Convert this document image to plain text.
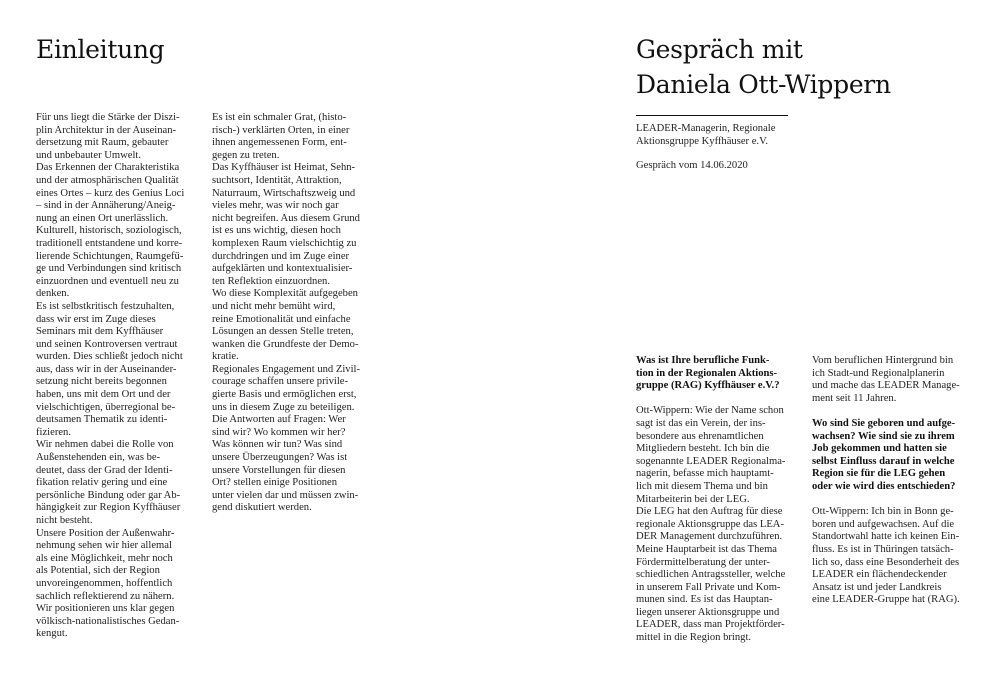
Einleitung

Für uns liegt die Stärke der Diszi-

plin Architektur in der Auseinan-

dersetzung mit Raum, gebauter

und unbebauter Umwelt.

Das Erkennen der Charakteristika

und der atmosphärischen Qualität

eines Ortes – kurz des Genius Loci

– sind in der Annäherung/Aneig-

nung an einen Ort unerlässlich.

Kulturell, historisch, soziologisch,

traditionell entstandene und korre-

lierende Schichtungen, Raumgefü-

ge und Verbindungen sind kritisch

einzuordnen und eventuell neu zu

denken.

Es ist selbstkritisch festzuhalten,

dass wir erst im Zuge dieses

Seminars mit dem Kyffhäuser

und seinen Kontroversen vertraut

wurden. Dies schließt jedoch nicht

aus, dass wir in der Auseinander-

setzung nicht bereits begonnen

haben, uns mit dem Ort und der

vielschichtigen, überregional be-

deutsamen Thematik zu identi-

fizieren.

Wir nehmen dabei die Rolle von

Außenstehenden ein, was be-

deutet, dass der Grad der Identi-

fikation relativ gering und eine

persönliche Bindung oder gar Ab-

hängigkeit zur Region Kyffhäuser

nicht besteht.

Unsere Position der Außenwahr-

nehmung sehen wir hier allemal

als eine Möglichkeit, mehr noch

als Potential, sich der Region

unvoreingenommen, hoffentlich

sachlich reflektierend zu nähern.

Wir positionieren uns klar gegen

völkisch-nationalistisches Gedan-

kengut.

Es ist ein schmaler Grat, (histo-

risch-) verklärten Orten, in einer

ihnen angemessenen Form, ent-

gegen zu treten.

Das Kyffhäuser ist Heimat, Sehn-

suchtsort, Identität, Attraktion,

Naturraum, Wirtschaftszweig und

vieles mehr, was wir noch gar

nicht begreifen. Aus diesem Grund

ist es uns wichtig, diesen hoch

komplexen Raum vielschichtig zu

durchdringen und im Zuge einer

aufgeklärten und kontextualisier-

ten Reflektion einzuordnen.

Wo diese Komplexität aufgegeben

und nicht mehr bemüht wird,

reine Emotionalität und einfache

Lösungen an dessen Stelle treten,

wanken die Grundfeste der Demo-

kratie.

Regionales Engagement und Zivil-

courage schaffen unsere privile-

gierte Basis und ermöglichen erst,

uns in diesem Zuge zu beteiligen.

Die Antworten auf Fragen: Wer

sind wir? Wo kommen wir her?

Was können wir tun? Was sind

unsere Überzeugungen? Was ist

unsere Vorstellungen für diesen

Ort? stellen einige Positionen

unter vielen dar und müssen zwin-

gend diskutiert werden.

Gespräch mit
Daniela Ott-Wippern

LEADER-Managerin, Regionale

Aktionsgruppe Kyffhäuser e.V.

Gespräch vom 14.06.2020

Was ist Ihre berufliche Funk-

tion in der Regionalen Aktions-

gruppe (RAG) Kyffhäuser e.V.?

Ott-Wippern: Wie der Name schon

sagt ist das ein Verein, der ins-

besondere aus ehrenamtlichen

Mitgliedern besteht. Ich bin die

sogenannte LEADER Regionalma-

nagerin, befasse mich hauptamt-

lich mit diesem Thema und bin

Mitarbeiterin bei der LEG.

Die LEG hat den Auftrag für diese

regionale Aktionsgruppe das LEA-

DER Management durchzuführen.

Meine Hauptarbeit ist das Thema

Fördermittelberatung der unter-

schiedlichen Antragssteller, welche

in unserem Fall Private und Kom-

munen sind. Es ist das Hauptan-

liegen unserer Aktionsgruppe und

LEADER, dass man Projektförder-

mittel in die Region bringt.

Vom beruflichen Hintergrund bin

ich Stadt-und Regionalplanerin

und mache das LEADER Manage-

ment seit 11 Jahren.

Wo sind Sie geboren und aufge-

wachsen? Wie sind sie zu ihrem

Job gekommen und hatten sie

selbst Einfluss darauf in welche

Region sie für die LEG gehen

oder wie wird dies entschieden?

Ott-Wippern: Ich bin in Bonn ge-

boren und aufgewachsen. Auf die

Standortwahl hatte ich keinen Ein-

fluss. Es ist in Thüringen tatsäch-

lich so, dass eine Besonderheit des

LEADER ein flächendeckender

Ansatz ist und jeder Landkreis

eine LEADER-Gruppe hat (RAG).
